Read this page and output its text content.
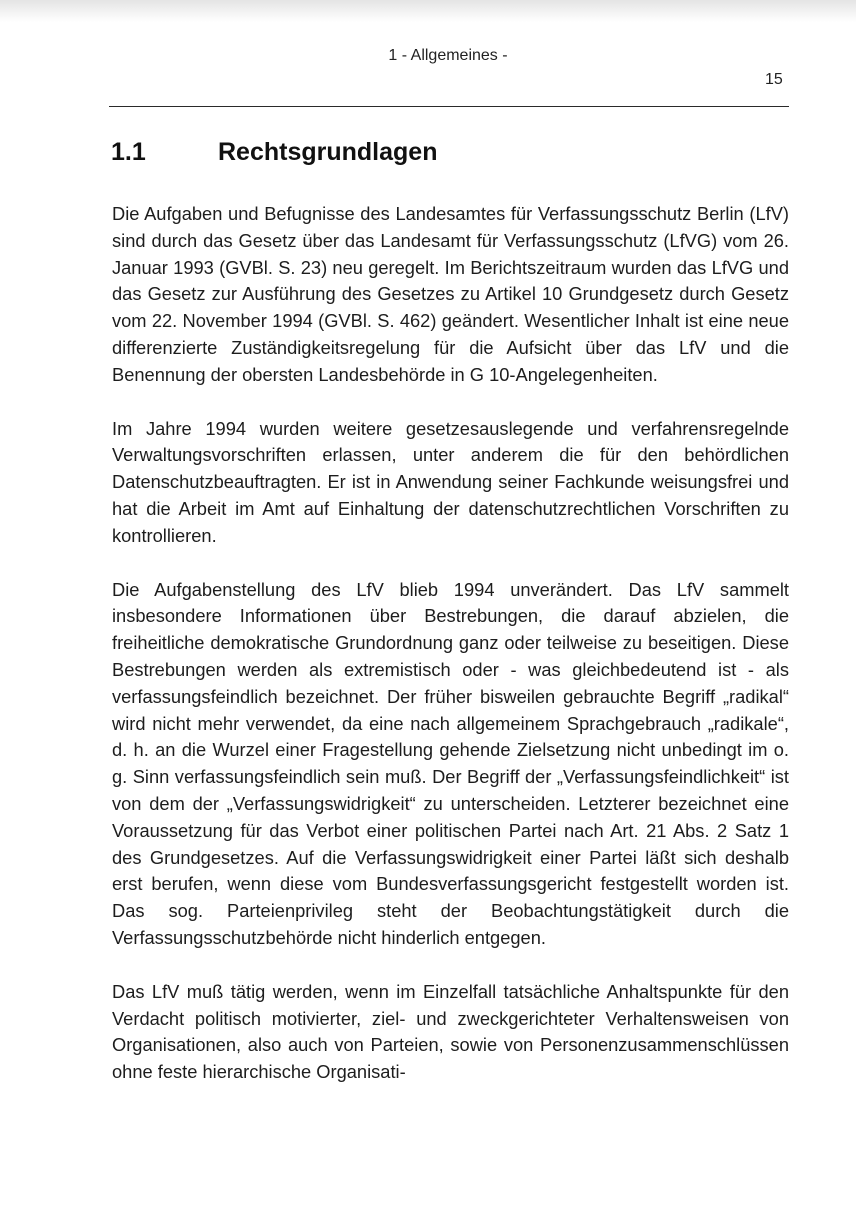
1 - Allgemeines -
15
1.1	Rechtsgrundlagen

Die Aufgaben und Befugnisse des Landesamtes für Verfassungsschutz Berlin (LfV) sind durch das Gesetz über das Landesamt für Verfassungsschutz (LfVG) vom 26. Januar 1993 (GVBl. S. 23) neu geregelt. Im Berichtszeitraum wurden das LfVG und das Gesetz zur Ausführung des Gesetzes zu Artikel 10 Grundgesetz durch Gesetz vom 22. November 1994 (GVBl. S. 462) geändert. Wesentlicher Inhalt ist eine neue differenzierte Zuständigkeitsregelung für die Aufsicht über das LfV und die Benennung der obersten Landesbehörde in G 10-Angelegenheiten.

Im Jahre 1994 wurden weitere gesetzesauslegende und verfahrensregelnde Verwaltungsvorschriften erlassen, unter anderem die für den behördlichen Datenschutzbeauftragten. Er ist in Anwendung seiner Fachkunde weisungsfrei und hat die Arbeit im Amt auf Einhaltung der datenschutzrechtlichen Vorschriften zu kontrollieren.

Die Aufgabenstellung des LfV blieb 1994 unverändert. Das LfV sammelt insbesondere Informationen über Bestrebungen, die darauf abzielen, die freiheitliche demokratische Grundordnung ganz oder teilweise zu beseitigen. Diese Bestrebungen werden als extremistisch oder - was gleichbedeutend ist - als verfassungsfeindlich bezeichnet. Der früher bisweilen gebrauchte Begriff „radikal“ wird nicht mehr verwendet, da eine nach allgemeinem Sprachgebrauch „radikale“, d. h. an die Wurzel einer Fragestellung gehende Zielsetzung nicht unbedingt im o. g. Sinn verfassungsfeindlich sein muß. Der Begriff der „Verfassungsfeindlichkeit“ ist von dem der „Verfassungswidrigkeit“ zu unterscheiden. Letzterer bezeichnet eine Voraussetzung für das Verbot einer politischen Partei nach Art. 21 Abs. 2 Satz 1 des Grundgesetzes. Auf die Verfassungswidrigkeit einer Partei läßt sich deshalb erst berufen, wenn diese vom Bundesverfassungsgericht festgestellt worden ist. Das sog. Parteienprivileg steht der Beobachtungstätigkeit durch die Verfassungsschutzbehörde nicht hinderlich entgegen.

Das LfV muß tätig werden, wenn im Einzelfall tatsächliche Anhaltspunkte für den Verdacht politisch motivierter, ziel- und zweckgerichteter Verhaltensweisen von Organisationen, also auch von Parteien, sowie von Personenzusammenschlüssen ohne feste hierarchische Organisati-
